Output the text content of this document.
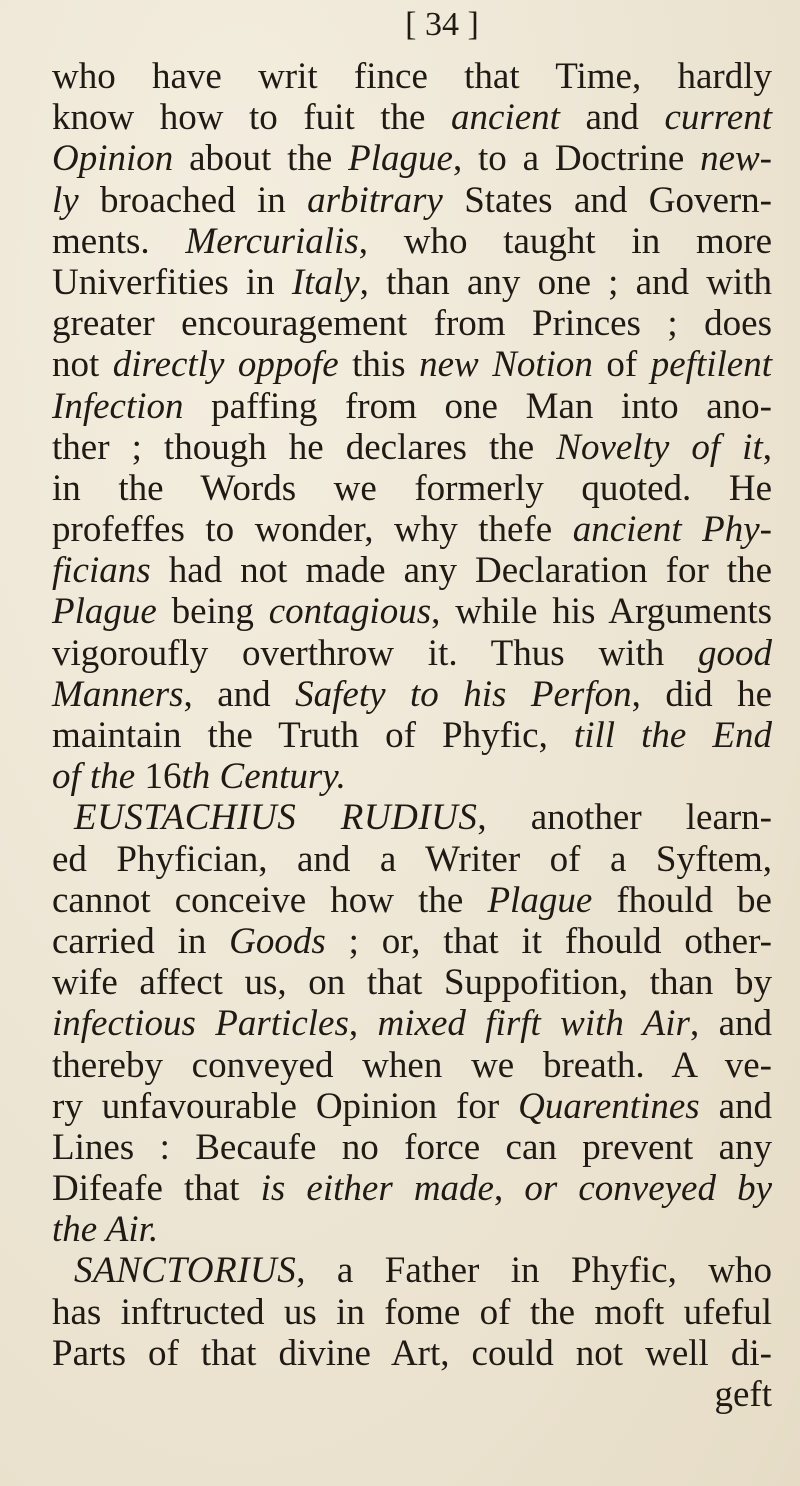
[ 34 ]
who have writ fince that Time, hardly
know how to fuit the ancient and current
Opinion about the Plague, to a Doctrine new-
ly broached in arbitrary States and Govern-
ments. Mercurialis, who taught in more
Univerfities in Italy, than any one ; and with
greater encouragement from Princes ; does
not directly oppofe this new Notion of peftilent
Infection paffing from one Man into ano-
ther ; though he declares the Novelty of it,
in the Words we formerly quoted. He
profeffes to wonder, why thefe ancient Phy-
ficians had not made any Declaration for the
Plague being contagious, while his Arguments
vigoroufly overthrow it. Thus with good
Manners, and Safety to his Perfon, did he
maintain the Truth of Phyfic, till the End
of the 16th Century.
EUSTACHIUS RUDIUS, another learn-
ed Phyfician, and a Writer of a Syftem,
cannot conceive how the Plague fhould be
carried in Goods ; or, that it fhould other-
wife affect us, on that Suppofition, than by
infectious Particles, mixed firft with Air, and
thereby conveyed when we breath. A ve-
ry unfavourable Opinion for Quarentines and
Lines : Becaufe no force can prevent any
Difeafe that is either made, or conveyed by
the Air.
SANCTORIUS, a Father in Phyfic, who
has inftructed us in fome of the moft ufeful
Parts of that divine Art, could not well di-
geft
